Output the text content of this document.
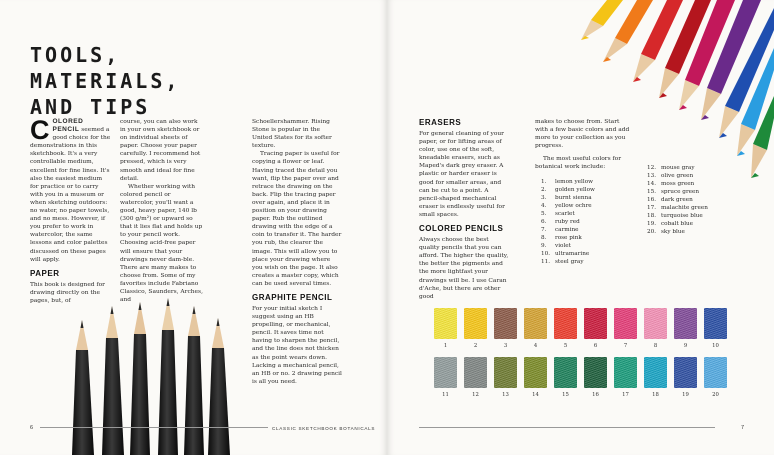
TOOLS, MATERIALS,
AND TIPS
C OLORED PENCIL seemed a good choice for the demonstrations in this sketchbook. It's a very controllable medium, excellent for fine lines. It's also the easiest medium for practice or to carry with you in a museum or when sketching outdoors: no water, no paper towels, and no mess. However, if you prefer to work in watercolor, the same lessons and color palettes discussed on these pages will apply.
PAPER

This book is designed for drawing directly on the pages, but, of

course, you can also work in your own sketchbook or on individual sheets of paper. Choose your paper carefully. I recommend hot pressed, which is very smooth and ideal for fine detail.

Whether working with colored pencil or watercolor, you'll want a good, heavy paper, 140 lb (300 g/m²) or upward so that it lies flat and holds up to your pencil work. Choosing acid-free paper will ensure that your drawings never dam-ble. There are many makes to choose from. Some of my favorites include Fabriano Classico, Saunders, Arches, and

Schoellershammer. Rising Stone is popular in the United States for its softer texture.

Tracing paper is useful for copying a flower or leaf. Having traced the detail you want, flip the paper over and retrace the drawing on the back. Flip the tracing paper over again, and place it in position on your drawing paper. Rub the outlined drawing with the edge of a coin to transfer it. The harder you rub, the clearer the image. This will allow you to place your drawing where you wish on the page. It also creates a master copy, which can be used several times.

GRAPHITE PENCIL

For your initial sketch I suggest using an HB propelling, or mechanical, pencil. It saves time not having to sharpen the pencil, and the line does not thicken as the point wears down. Lacking a mechanical pencil, an HB or no. 2 drawing pencil is all you need.

6	CLASSIC SKETCHBOOK BOTANICALS
ERASERS

For general cleaning of your paper, or for lifting areas of color, use one of the soft, kneadable erasers, such as Maped's dark grey eraser. A plastic or harder eraser is good for smaller areas, and can be cut to a point. A pencil-shaped mechanical eraser is endlessly useful for small spaces.

COLORED PENCILS

Always choose the best quality pencils that you can afford. The higher the quality, the better the pigments and the more lightfast your drawings will be. I use Caran d'Ache, but there are other good

makes to choose from. Start with a few basic colors and add more to your collection as you progress.

The most useful colors for botanical work include:

1.	lemon yellow
2.	golden yellow
3.	burnt sienna
4.	yellow ochre
5.	scarlet
6.	ruby red
7.	carmine
8.	rose pink
9.	violet
10. ultramarine
11. steel gray
12. mouse gray
13. olive green
14. moss green
15. spruce green
16. dark green
17. malachite green
18. turquoise blue
19. cobalt blue
20. sky blue
7
1	2	3	4	5	6	7	8	9	10
11	12	13	14	15	16	17	18	19	20
